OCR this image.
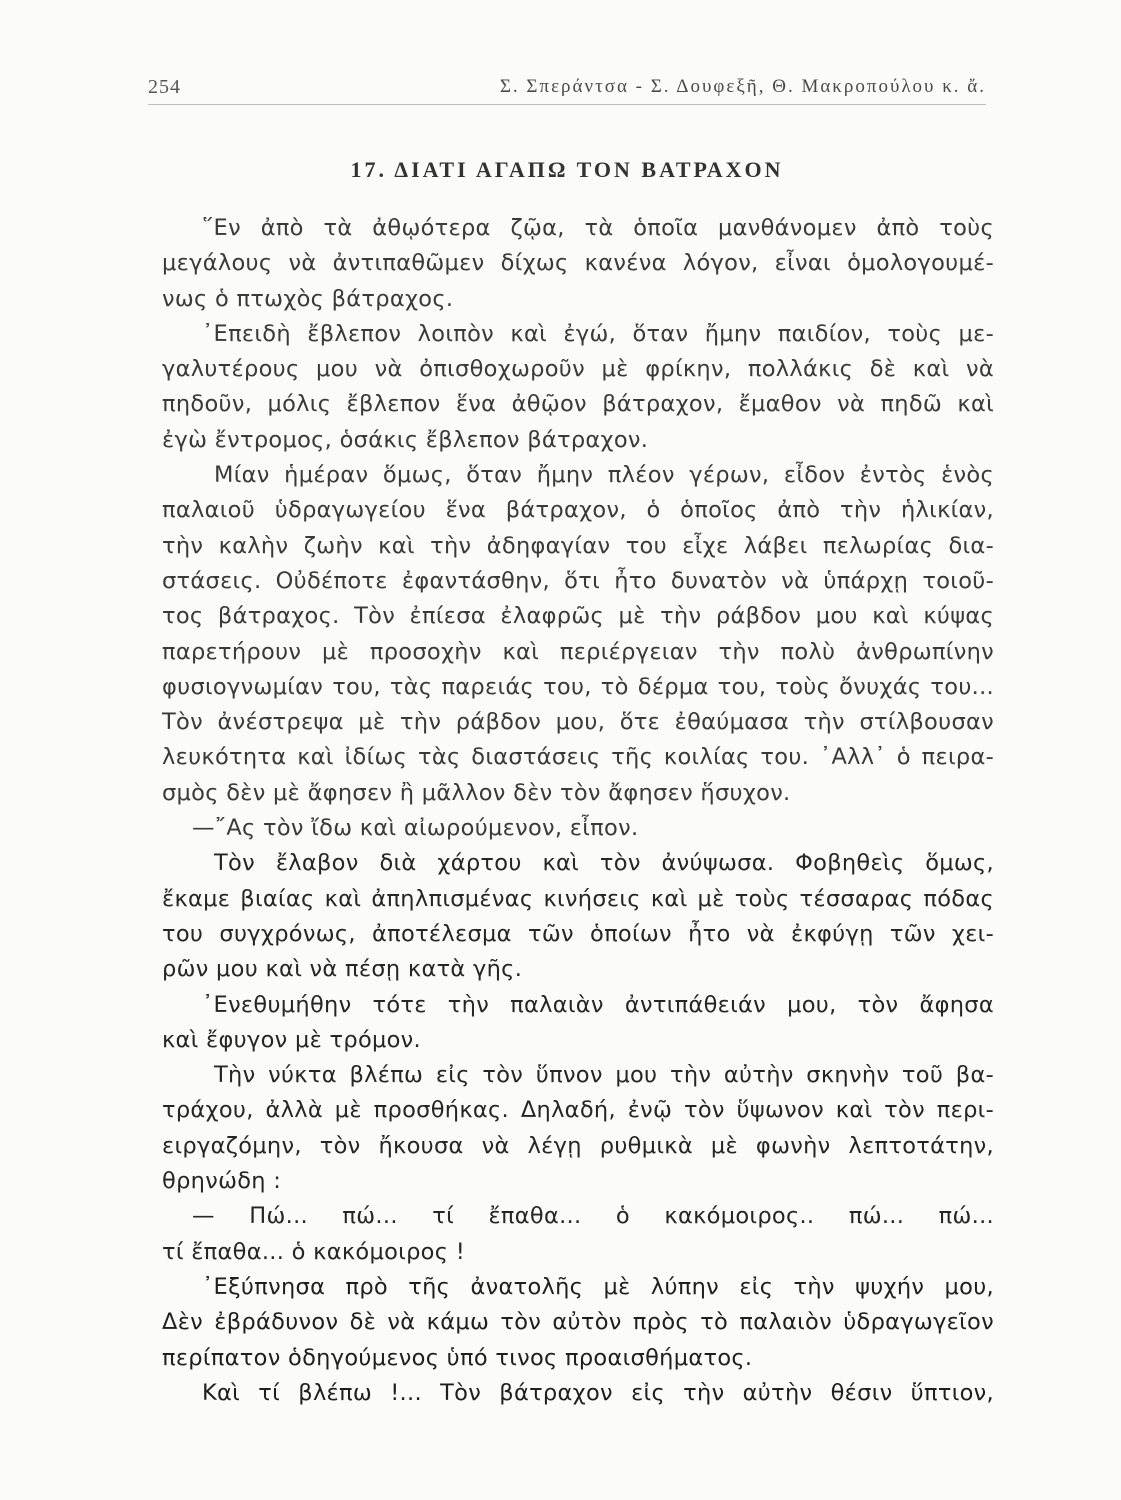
254	Σ. Σπεράντσα - Σ. Δουφεξῆ, Θ. Μακροπούλου κ. ἄ.
17. ΔΙΑΤΙ ΑΓΑΠΩ ΤΟΝ ΒΑΤΡΑΧΟΝ
῞Εν ἀπὸ τὰ ἀθῳότερα ζῷα, τὰ ὁποῖα μανθάνομεν ἀπὸ τοὺς
μεγάλους νὰ ἀντιπαθῶμεν δίχως κανένα λόγον, εἶναι ὁμολογουμέ-
νως ὁ πτωχὸς βάτραχος.
᾿Επειδὴ ἔβλεπον λοιπὸν καὶ ἐγώ, ὅταν ἤμην παιδίον, τοὺς με-
γαλυτέρους μου νὰ ὀπισθοχωροῦν μὲ φρίκην, πολλάκις δὲ καὶ νὰ
πηδοῦν, μόλις ἔβλεπον ἕνα ἀθῷον βάτραχον, ἔμαθον νὰ πηδῶ καὶ
ἐγὼ ἔντρομος, ὁσάκις ἔβλεπον βάτραχον.
Μίαν ἡμέραν ὅμως, ὅταν ἤμην πλέον γέρων, εἶδον ἐντὸς ἑνὸς
παλαιοῦ ὑδραγωγείου ἕνα βάτραχον, ὁ ὁποῖος ἀπὸ τὴν ἡλικίαν,
τὴν καλὴν ζωὴν καὶ τὴν ἀδηφαγίαν του εἶχε λάβει πελωρίας δια-
στάσεις. Οὐδέποτε ἐφαντάσθην, ὅτι ἦτο δυνατὸν νὰ ὑπάρχῃ τοιοῦ-
τος βάτραχος. Τὸν ἐπίεσα ἐλαφρῶς μὲ τὴν ράβδον μου καὶ κύψας
παρετήρουν μὲ προσοχὴν καὶ περιέργειαν τὴν πολὺ ἀνθρωπίνην
φυσιογνωμίαν του, τὰς παρειάς του, τὸ δέρμα του, τοὺς ὄνυχάς του...
Τὸν ἀνέστρεψα μὲ τὴν ράβδον μου, ὅτε ἐθαύμασα τὴν στίλβουσαν
λευκότητα καὶ ἰδίως τὰς διαστάσεις τῆς κοιλίας του. ᾿Αλλ᾿ ὁ πειρα-
σμὸς δὲν μὲ ἄφησεν ἢ μᾶλλον δὲν τὸν ἄφησεν ἥσυχον.
—῎Ας τὸν ἴδω καὶ αἰωρούμενον, εἶπον.
Τὸν ἔλαβον διὰ χάρτου καὶ τὸν ἀνύψωσα. Φοβηθεὶς ὅμως,
ἔκαμε βιαίας καὶ ἀπηλπισμένας κινήσεις καὶ μὲ τοὺς τέσσαρας πόδας
του συγχρόνως, ἀποτέλεσμα τῶν ὁποίων ἦτο νὰ ἐκφύγῃ τῶν χει-
ρῶν μου καὶ νὰ πέσῃ κατὰ γῆς.
᾿Ενεθυμήθην τότε τὴν παλαιὰν ἀντιπάθειάν μου, τὸν ἄφησα
καὶ ἔφυγον μὲ τρόμον.
Τὴν νύκτα βλέπω εἰς τὸν ὕπνον μου τὴν αὐτὴν σκηνὴν τοῦ βα-
τράχου, ἀλλὰ μὲ προσθήκας. Δηλαδή, ἐνῷ τὸν ὕψωνον καὶ τὸν περι-
ειργαζόμην, τὸν ἤκουσα νὰ λέγῃ ρυθμικὰ μὲ φωνὴν λεπτοτάτην,
θρηνώδη :
— Πώ... πώ... τί ἔπαθα... ὁ κακόμοιρος.. πώ... πώ...
τί ἔπαθα... ὁ κακόμοιρος !
᾿Εξύπνησα πρὸ τῆς ἀνατολῆς μὲ λύπην εἰς τὴν ψυχήν μου,
Δὲν ἐβράδυνον δὲ νὰ κάμω τὸν αὐτὸν πρὸς τὸ παλαιὸν ὑδραγωγεῖον
περίπατον ὁδηγούμενος ὑπό τινος προαισθήματος.
Καὶ τί βλέπω !... Τὸν βάτραχον εἰς τὴν αὐτὴν θέσιν ὕπτιον,
